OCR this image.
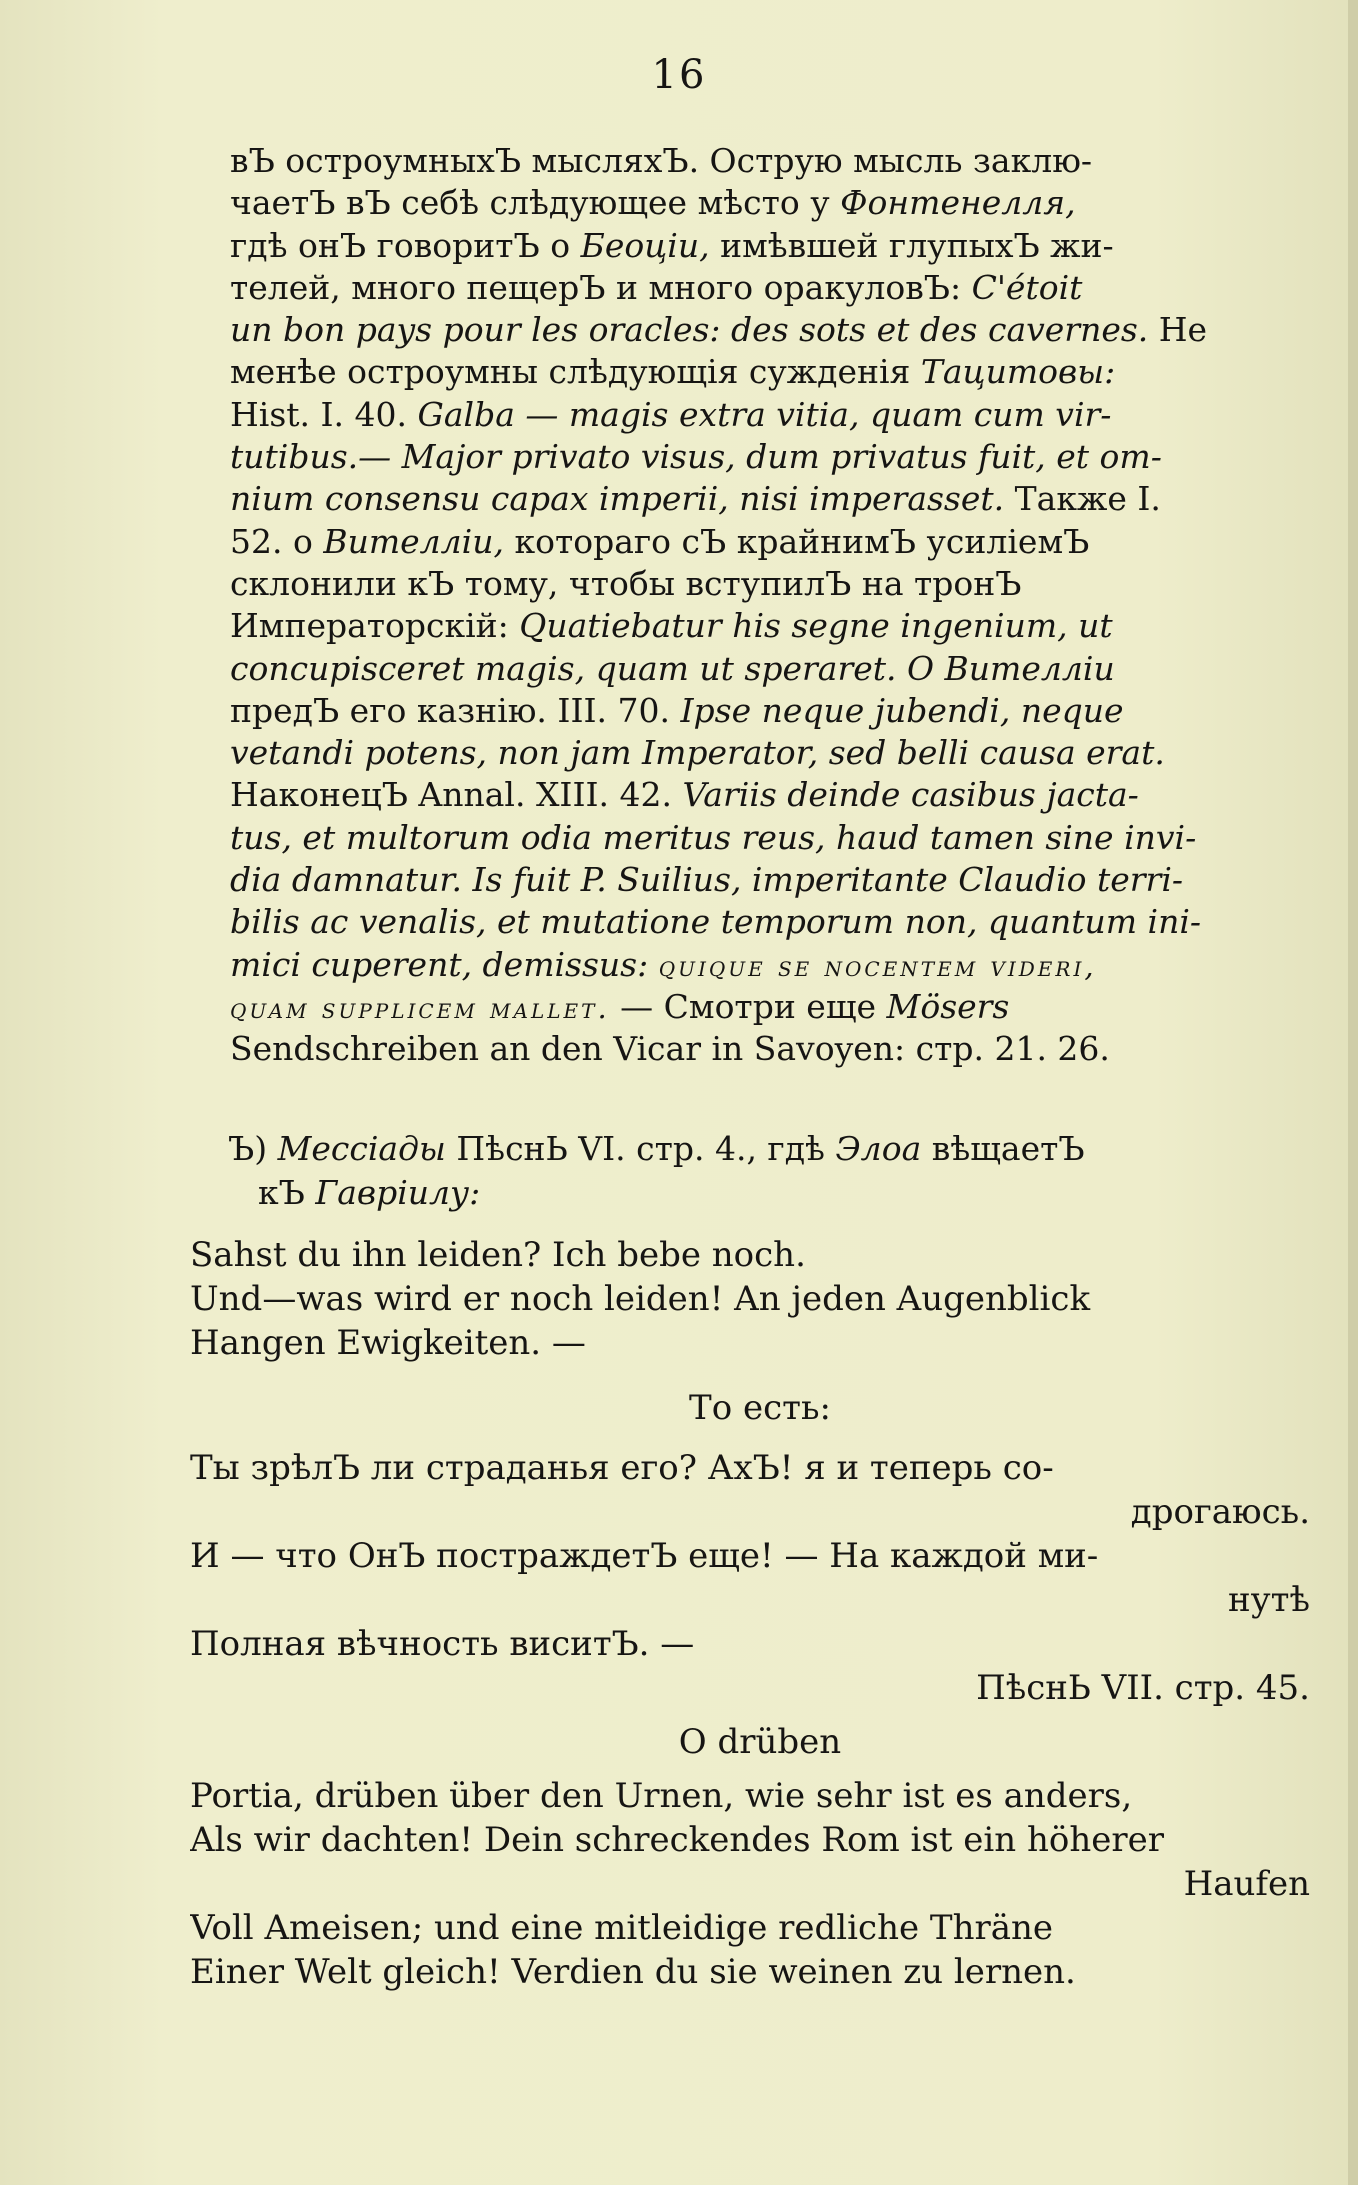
16
вЪ остроумныхЪ мысляхЪ. Острую мысль заклю-
чаетЪ вЪ себѣ слѣдующее мѣсто у Фонтенелля,
гдѣ онЪ говоритЪ о Беоціи, имѣвшей глупыхЪ жи-
телей, много пещерЪ и много оракуловЪ: C'étoit
un bon pays pour les oracles: des sots et des cavernes. Не
менѣе остроумны слѣдующія сужденія Тацитовы:
Hist. I. 40. Galba — magis extra vitia, quam cum vir-
tutibus.— Major privato visus, dum privatus fuit, et om-
nium consensu capax imperii, nisi imperasset. Также I.
52. о Вителліи, котораго сЪ крайнимЪ усиліемЪ
склонили кЪ тому, чтобы вступилЪ на тронЪ
Императорскій: Quatiebatur his segne ingenium, ut
concupisceret magis, quam ut speraret. O Вителліи
предЪ его казнію. III. 70. Ipse neque jubendi, neque
vetandi potens, non jam Imperator, sed belli causa erat.
НаконецЪ Annal. XIII. 42. Variis deinde casibus jacta-
tus, et multorum odia meritus reus, haud tamen sine invi-
dia damnatur. Is fuit P. Suilius, imperitante Claudio terri-
bilis ac venalis, et mutatione temporum non, quantum ini-
mici cuperent, demissus: quique se nocentem videri,
quam supplicem mallet. — Смотри еще Mösers
Sendschreiben an den Vicar in Savoyen: стр. 21. 26.
Ъ) Мессіады ПѣснЬ VI. стр. 4., гдѣ Элоа вѣщаетЪ
кЪ Гавріилу:
Sahst du ihn leiden? Ich bebe noch.
Und—was wird er noch leiden! An jeden Augenblick
Hangen Ewigkeiten. —
То есть:
Ты зрѣлЪ ли страданья его? АхЪ! я и теперь со-
дрогаюсь.
И — что ОнЪ пострaждетЪ еще! — На каждой ми-
нутѣ
Полная вѣчность виситЪ. —
ПѣснЬ VII. стр. 45.
O drüben
Portia, drüben über den Urnen, wie sehr ist es anders,
Als wir dachten! Dein schreckendes Rom ist ein höherer
Haufen
Voll Ameisen; und eine mitleidige redliche Thräne
Einer Welt gleich! Verdien du sie weinen zu lernen.
